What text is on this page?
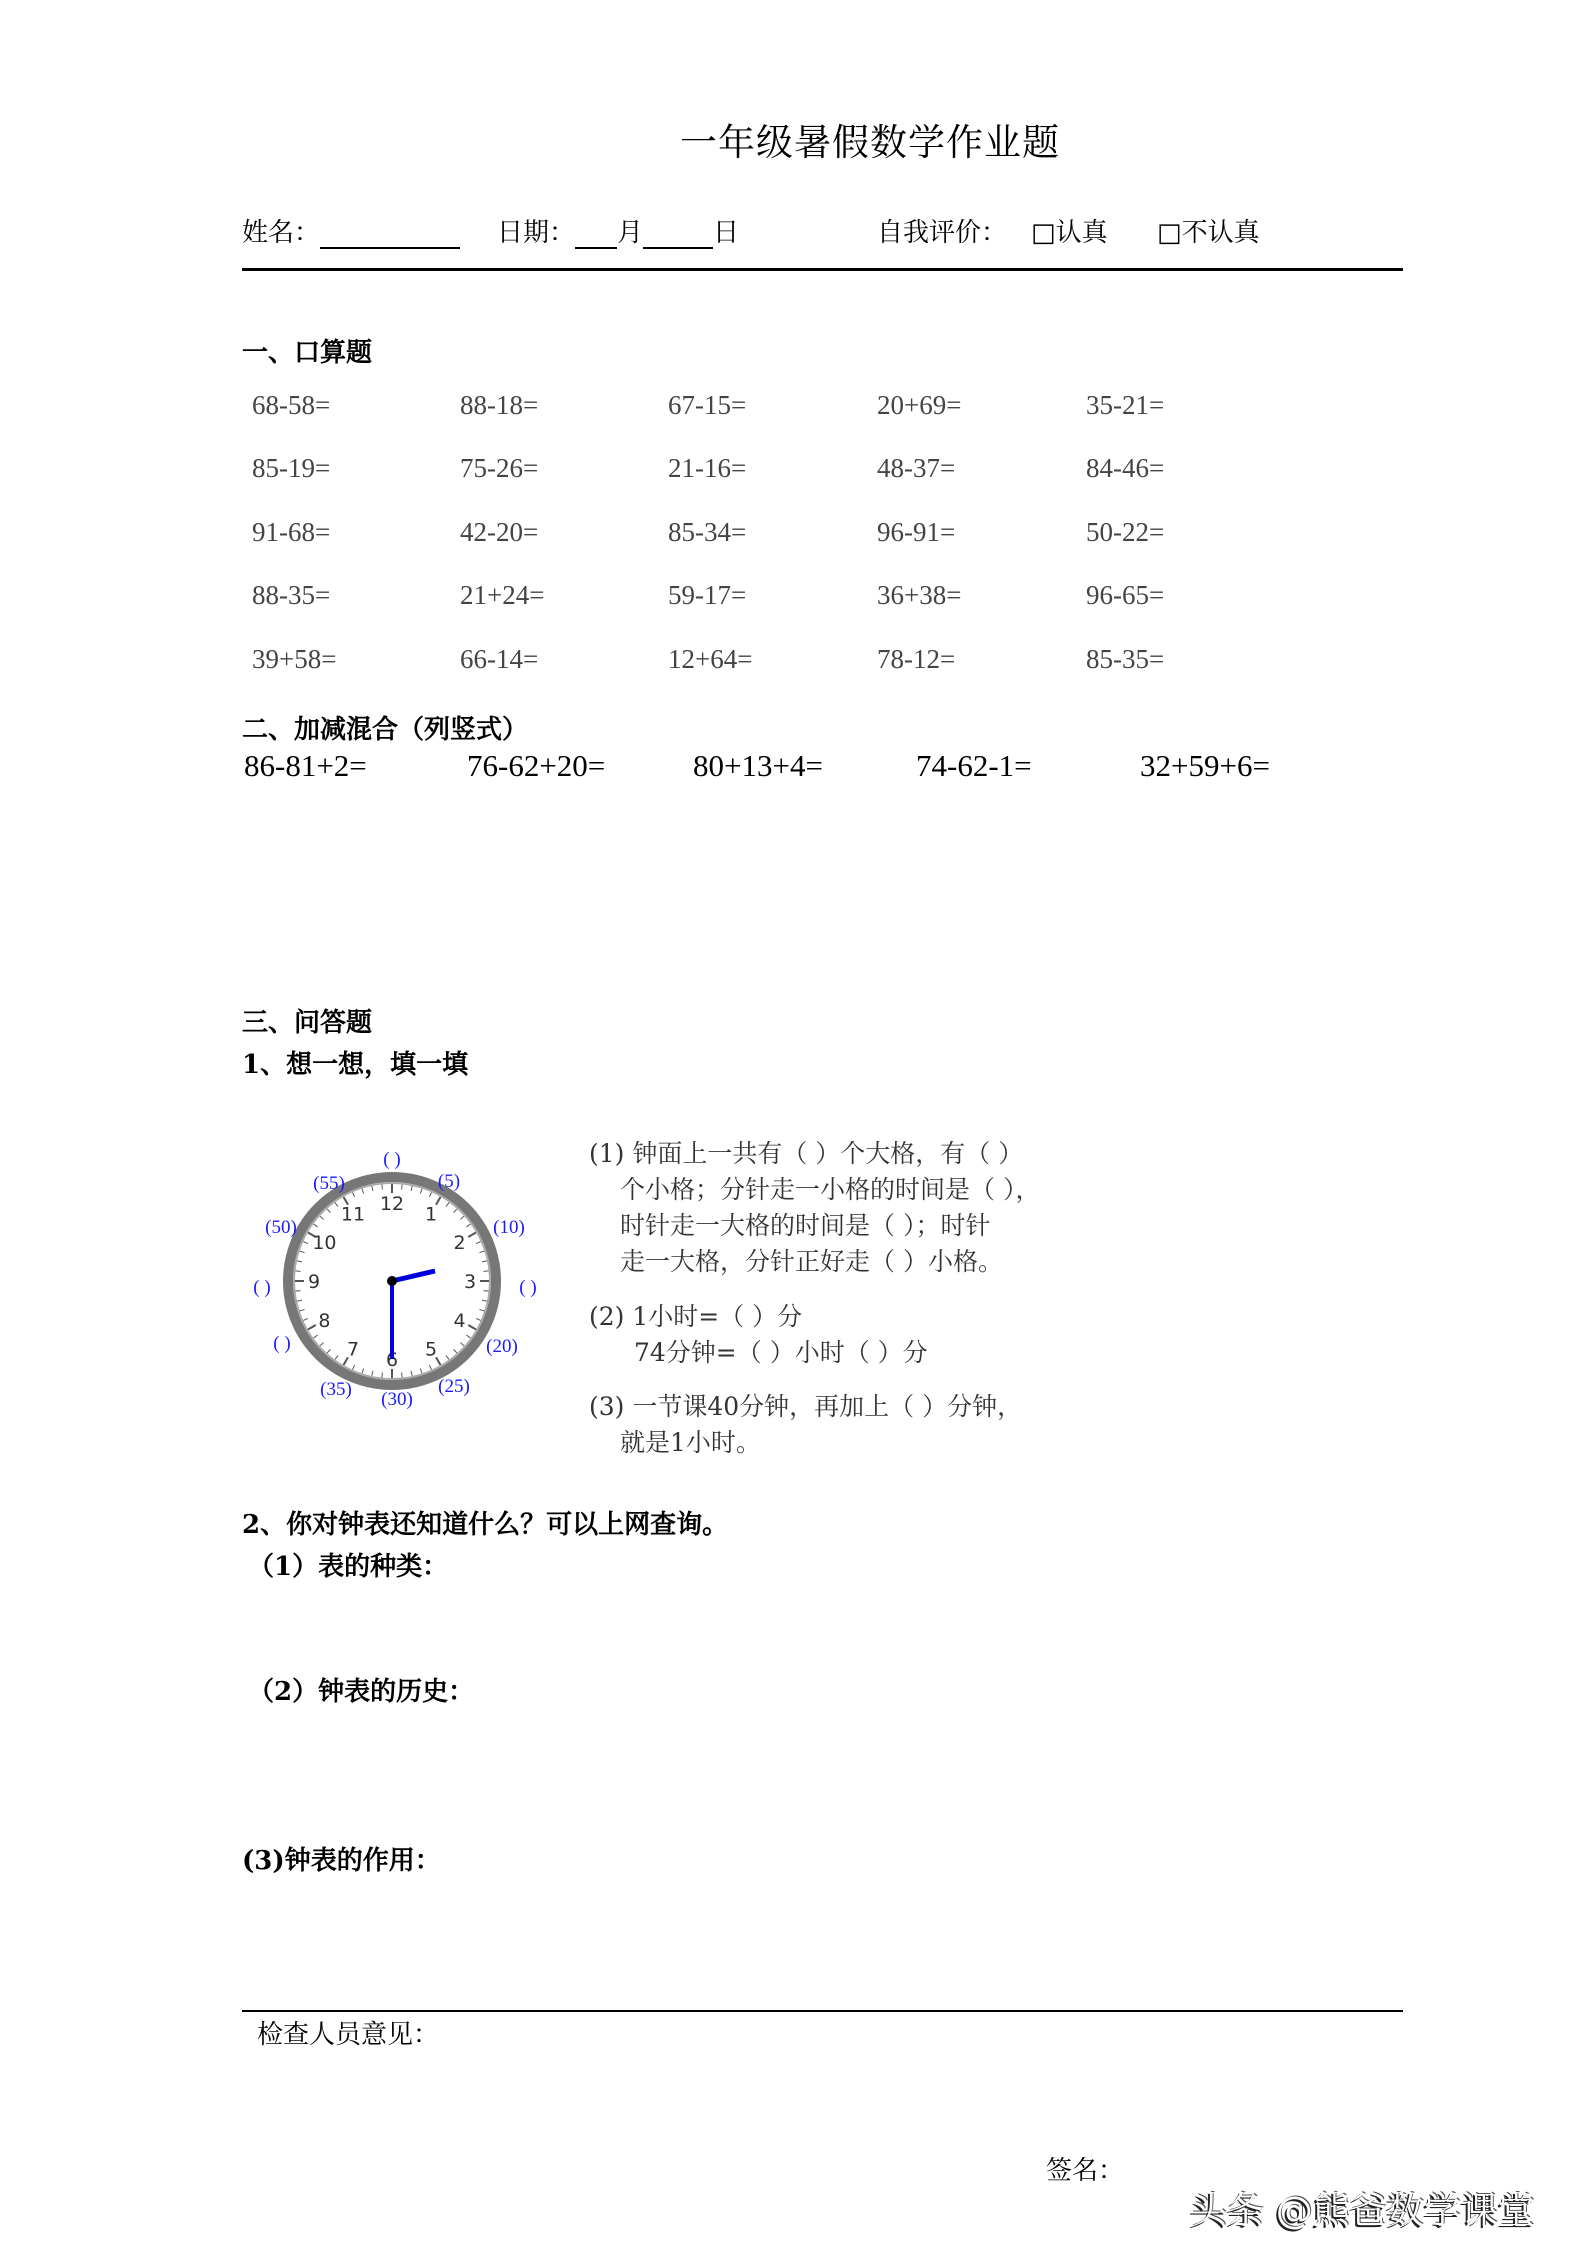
一年级暑假数学作业题
姓名：	日期： 月	日	自我评价： □认真 □不认真
一、口算题
68-58=	88-18=	67-15=	20+69=	35-21=
85-19=	75-26=	21-16=	48-37=	84-46=
91-68=	42-20=	85-34=	96-91=	50-22=
88-35=	21+24=	59-17=	36+38=	96-65=
39+58=	66-14=	12+64=	78-12=	85-35=
二、加减混合（列竖式）
86-81+2=	76-62+20=	80+13+4=	74-62-1=	32+59+6=
三、问答题
1、想一想，填一填
12 1
2
3
4
5
6
7
8
9
10
11
( )
(55)	(5)
(50)	(10)
( )	( )
( )	(20)
(35) (30)
(25)
(1) 钟面上一共有（ ）个大格，有（ ）
个小格；分针走一小格的时间是（ ），
时针走一大格的时间是（ ）；时针
走一大格，分针正好走（ ）小格。
(2) 1小时=（ ）分
74分钟=（ ）小时（ ）分
(3) 一节课40分钟，再加上（ ）分钟，
就是1小时。
2、你对钟表还知道什么？可以上网查询。
（1）表的种类：
（2）钟表的历史：
(3)钟表的作用：
检查人员意见：
签名：
头条 @熊爸数学课堂
